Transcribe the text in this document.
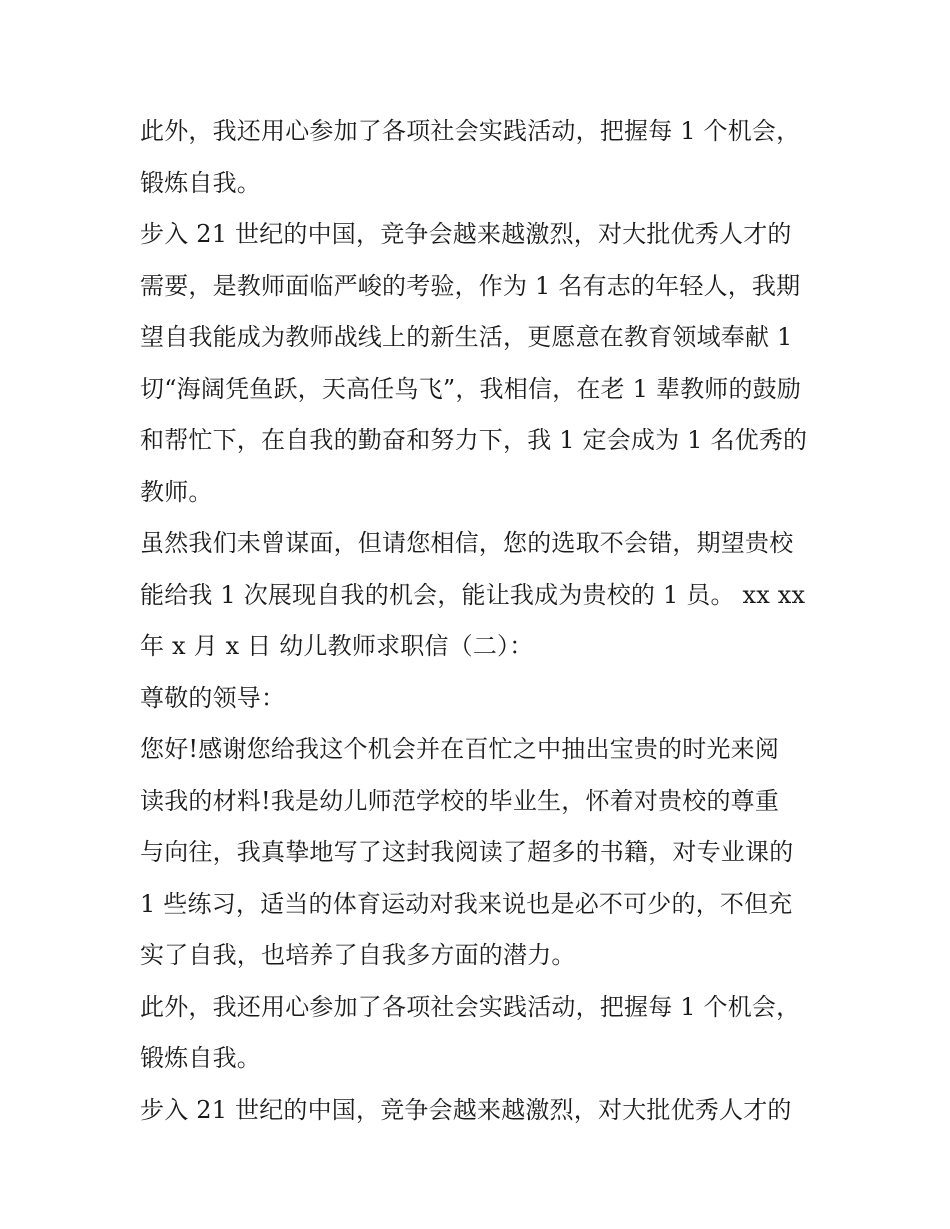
此外，我还用心参加了各项社会实践活动，把握每 1 个机会，
锻炼自我。
步入 21 世纪的中国，竞争会越来越激烈，对大批优秀人才的
需要，是教师面临严峻的考验，作为 1 名有志的年轻人，我期
望自我能成为教师战线上的新生活，更愿意在教育领域奉献 1
切“海阔凭鱼跃，天高任鸟飞”，我相信，在老 1 辈教师的鼓励
和帮忙下，在自我的勤奋和努力下，我 1 定会成为 1 名优秀的
教师。
虽然我们未曾谋面，但请您相信，您的选取不会错，期望贵校
能给我 1 次展现自我的机会，能让我成为贵校的 1 员。 xx xx
年 x 月 x 日 幼儿教师求职信（二）：
尊敬的领导：
您好!感谢您给我这个机会并在百忙之中抽出宝贵的时光来阅
读我的材料!我是幼儿师范学校的毕业生，怀着对贵校的尊重
与向往，我真挚地写了这封我阅读了超多的书籍，对专业课的
1 些练习，适当的体育运动对我来说也是必不可少的，不但充
实了自我，也培养了自我多方面的潜力。
此外，我还用心参加了各项社会实践活动，把握每 1 个机会，
锻炼自我。
步入 21 世纪的中国，竞争会越来越激烈，对大批优秀人才的
